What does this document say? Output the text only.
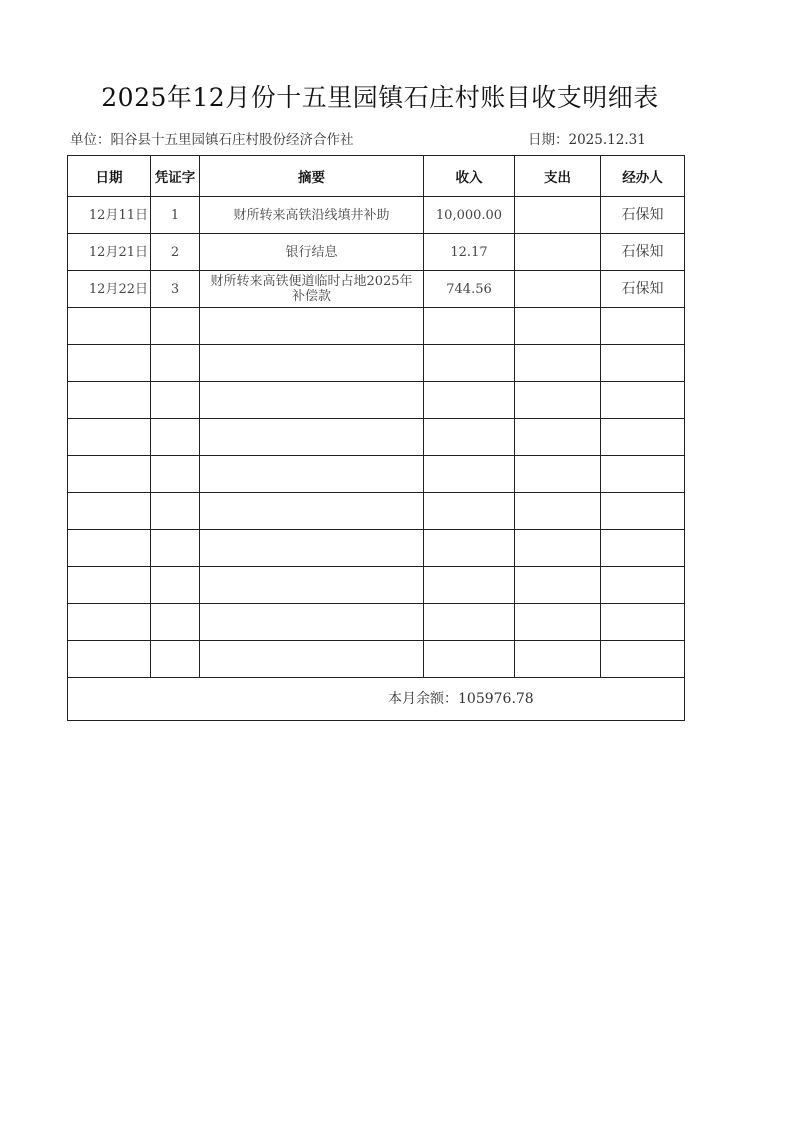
2025年12月份十五里园镇石庄村账目收支明细表
单位：阳谷县十五里园镇石庄村股份经济合作社	日期：2025.12.31
日期	凭证字	摘要	收入	支出	经办人
12月11日	1	财所转来高铁沿线填井补助	10,000.00		石保知
12月21日	2	银行结息	12.17		石保知
12月22日	3	财所转来高铁便道临时占地2025年补偿款	744.56		石保知

本月余额：105976.78					
